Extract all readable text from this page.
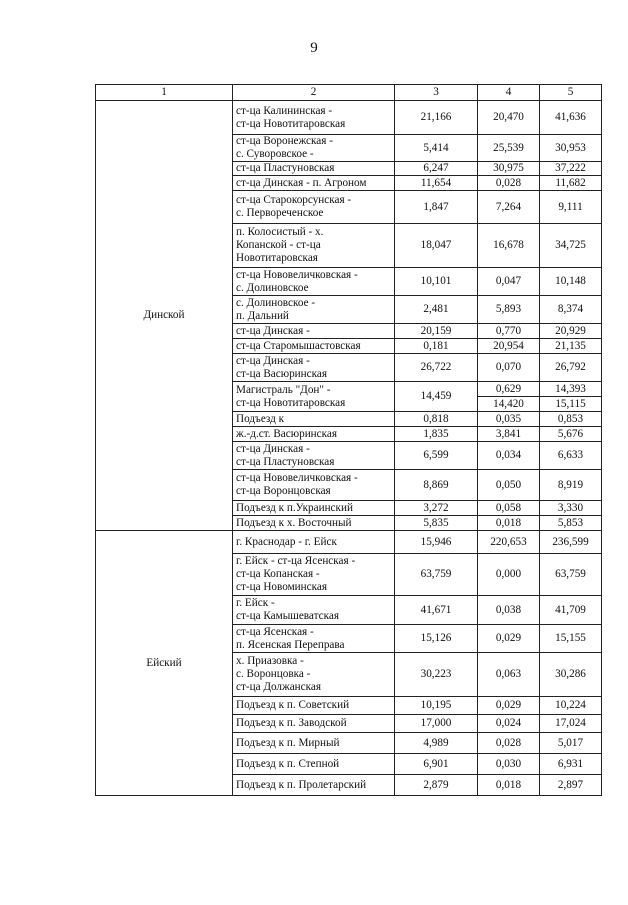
9
1	2	3	4	5
Динской	ст-ца Калининская -
ст-ца Новотитаровская	21,166	20,470	41,636

	ст-ца Воронежская -
с. Суворовское -	5,414	25,539	30,953

	ст-ца Пластуновская	6,247	30,975	37,222

	ст-ца Динская - п. Агроном	11,654	0,028	11,682

	ст-ца Старокорсунская -
с. Первореченское	1,847	7,264	9,111

	п. Колосистый - х.
Копанской - ст-ца
Новотитаровская	18,047	16,678	34,725

	ст-ца Нововеличковская -
с. Долиновское	10,101	0,047	10,148

	с. Долиновское -
п. Дальний	2,481	5,893	8,374

	ст-ца Динская -	20,159	0,770	20,929

	ст-ца Старомышастовская	0,181	20,954	21,135

	ст-ца Динская -
ст-ца Васюринская	26,722	0,070	26,792

	Магистраль "Дон" -
ст-ца Новотитаровская	14,459	0,629	14,393
			14,420	15,115

	Подъезд к	0,818	0,035	0,853

	ж.-д.ст. Васюринская	1,835	3,841	5,676

	ст-ца Динская -
ст-ца Пластуновская	6,599	0,034	6,633

	ст-ца Нововеличковская -
ст-ца Воронцовская	8,869	0,050	8,919

	Подъезд к п.Украинский	3,272	0,058	3,330

	Подъезд к х. Восточный	5,835	0,018	5,853
Ейский	г. Краснодар - г. Ейск	15,946	220,653	236,599

	г. Ейск - ст-ца Ясенская -
ст-ца Копанская -
ст-ца Новоминская	63,759	0,000	63,759

	г. Ейск -
ст-ца Камышеватская	41,671	0,038	41,709

	ст-ца Ясенская -
п. Ясенская Переправа	15,126	0,029	15,155

	х. Приазовка -
с. Воронцовка -
ст-ца Должанская	30,223	0,063	30,286

	Подъезд к п. Советский	10,195	0,029	10,224

	Подъезд к п. Заводской	17,000	0,024	17,024

	Подъезд к п. Мирный	4,989	0,028	5,017

	Подъезд к п. Степной	6,901	0,030	6,931

	Подъезд к п. Пролетарский	2,879	0,018	2,897
